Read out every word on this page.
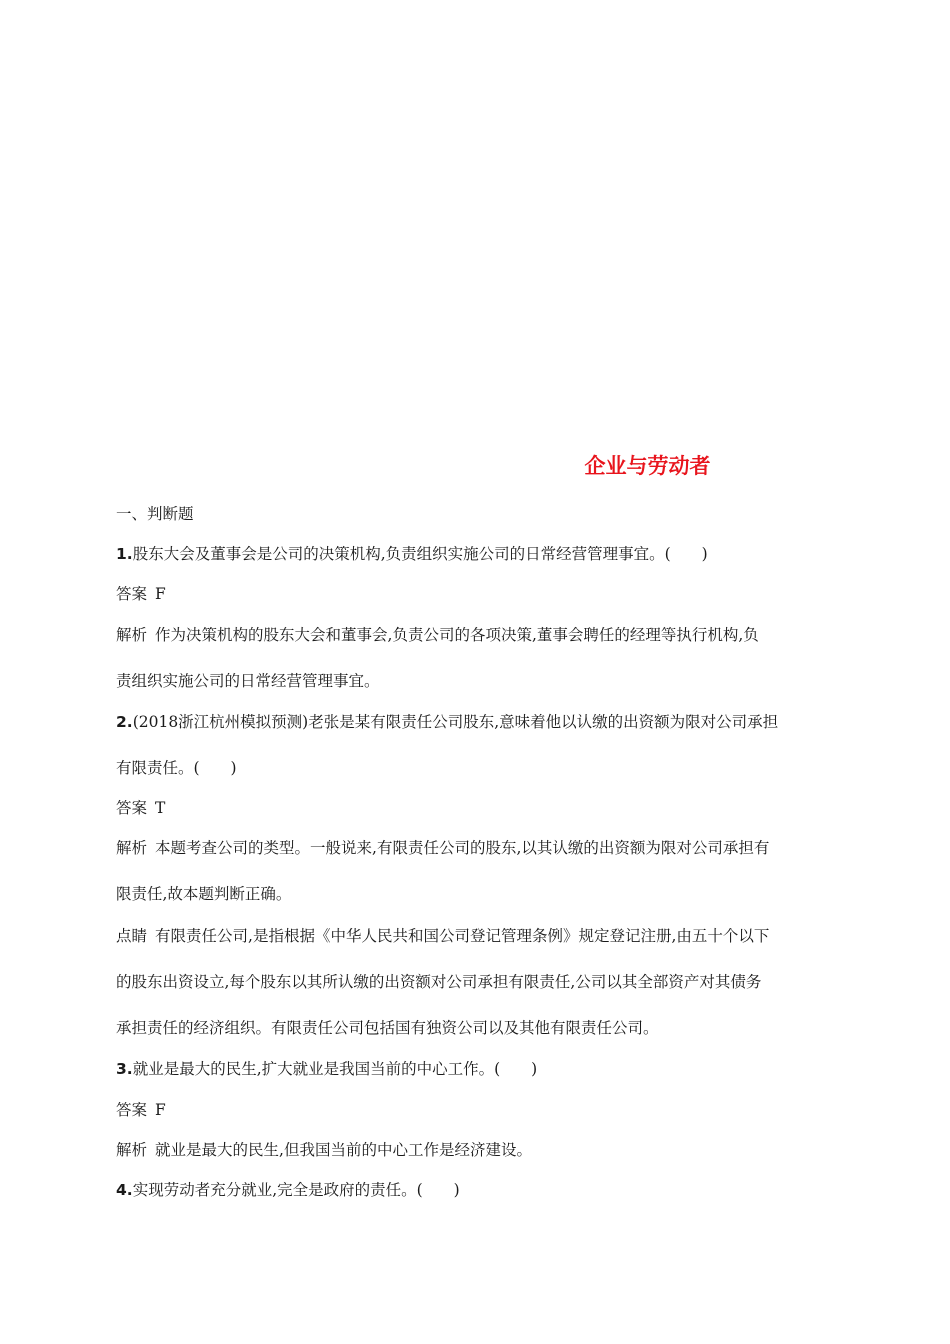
企业与劳动者
一、判断题
1.股东大会及董事会是公司的决策机构,负责组织实施公司的日常经营管理事宜。(　　)
答案 F
解析 作为决策机构的股东大会和董事会,负责公司的各项决策,董事会聘任的经理等执行机构,负
责组织实施公司的日常经营管理事宜。
2.(2018浙江杭州模拟预测)老张是某有限责任公司股东,意味着他以认缴的出资额为限对公司承担
有限责任。(　　)
答案 T
解析 本题考查公司的类型。一般说来,有限责任公司的股东,以其认缴的出资额为限对公司承担有
限责任,故本题判断正确。
点睛 有限责任公司,是指根据《中华人民共和国公司登记管理条例》规定登记注册,由五十个以下
的股东出资设立,每个股东以其所认缴的出资额对公司承担有限责任,公司以其全部资产对其债务
承担责任的经济组织。有限责任公司包括国有独资公司以及其他有限责任公司。
3.就业是最大的民生,扩大就业是我国当前的中心工作。(　　)
答案 F
解析 就业是最大的民生,但我国当前的中心工作是经济建设。
4.实现劳动者充分就业,完全是政府的责任。(　　)
